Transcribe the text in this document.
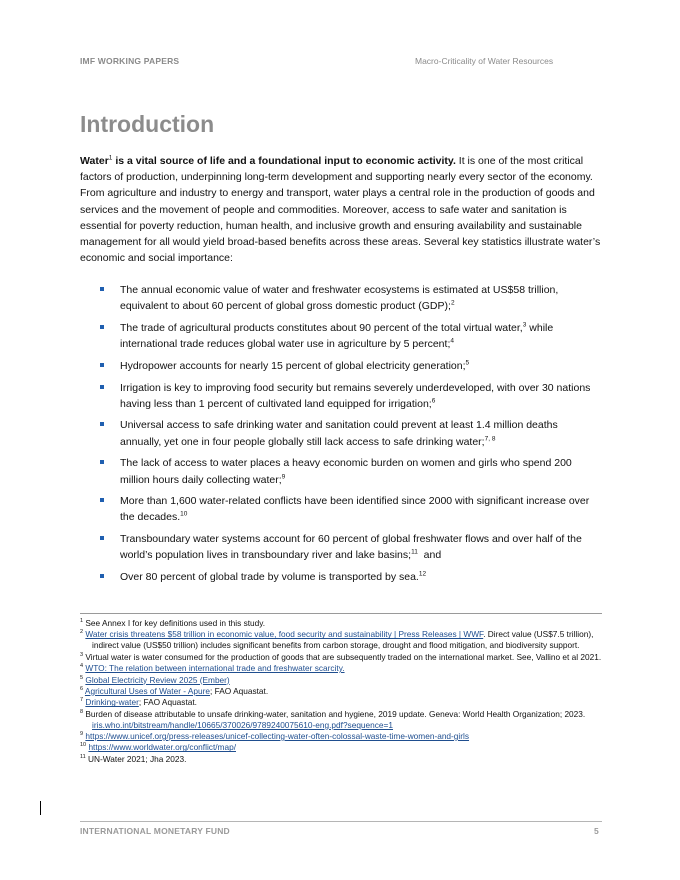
IMF WORKING PAPERS	Macro-Criticality of Water Resources
Introduction

Water$^1$ is a vital source of life and a foundational input to economic activity. It is one of the most critical factors of production, underpinning long-term development and supporting nearly every sector of the economy. From agriculture and industry to energy and transport, water plays a central role in the production of goods and services and the movement of people and commodities. Moreover, access to safe water and sanitation is essential for poverty reduction, human health, and inclusive growth and ensuring availability and sustainable management for all would yield broad-based benefits across these areas. Several key statistics illustrate water’s economic and social importance:

The annual economic value of water and freshwater ecosystems is estimated at US$58 trillion, equivalent to about 60 percent of global gross domestic product (GDP);$^2$
The trade of agricultural products constitutes about 90 percent of the total virtual water,$^3$ while international trade reduces global water use in agriculture by 5 percent;$^4$
Hydropower accounts for nearly 15 percent of global electricity generation;$^5$
Irrigation is key to improving food security but remains severely underdeveloped, with over 30 nations having less than 1 percent of cultivated land equipped for irrigation;$^6$
Universal access to safe drinking water and sanitation could prevent at least 1.4 million deaths annually, yet one in four people globally still lack access to safe drinking water;$^{7, 8}$
The lack of access to water places a heavy economic burden on women and girls who spend 200 million hours daily collecting water;$^9$
More than 1,600 water-related conflicts have been identified since 2000 with significant increase over the decades.$^{10}$
Transboundary water systems account for 60 percent of global freshwater flows and over half of the world’s population lives in transboundary river and lake basins;$^{11}$  and
Over 80 percent of global trade by volume is transported by sea.$^{12}$
$^1$ See Annex I for key definitions used in this study.
$^2$ Water crisis threatens $58 trillion in economic value, food security and sustainability | Press Releases | WWF. Direct value (US$7.5 trillion), indirect value (US$50 trillion) includes significant benefits from carbon storage, drought and flood mitigation, and biodiversity support.
$^3$ Virtual water is water consumed for the production of goods that are subsequently traded on the international market. See, Vallino et al 2021.
$^4$ WTO: The relation between international trade and freshwater scarcity.
$^5$ Global Electricity Review 2025 (Ember)
$^6$ Agricultural Uses of Water - Apure; FAO Aquastat.
$^7$ Drinking-water; FAO Aquastat.
$^8$ Burden of disease attributable to unsafe drinking-water, sanitation and hygiene, 2019 update. Geneva: World Health Organization; 2023. iris.who.int/bitstream/handle/10665/370026/9789240075610-eng.pdf?sequence=1
$^9$ https://www.unicef.org/press-releases/unicef-collecting-water-often-colossal-waste-time-women-and-girls
$^{10}$ https://www.worldwater.org/conflict/map/
$^{11}$ UN-Water 2021; Jha 2023.
INTERNATIONAL MONETARY FUND	5
